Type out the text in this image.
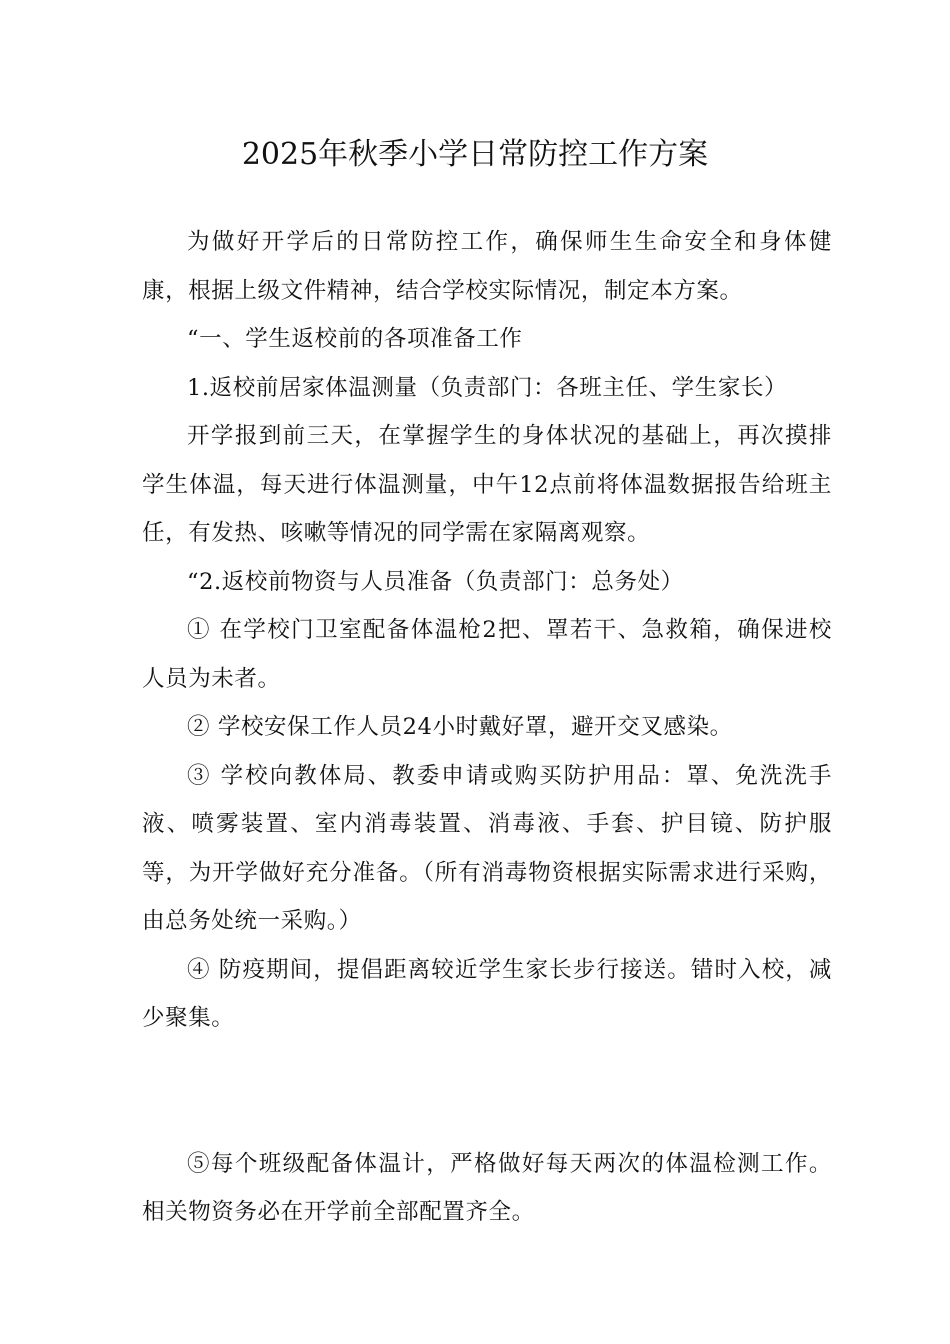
2025年秋季小学日常防控工作方案

为做好开学后的日常防控工作，确保师生生命安全和身体健康，根据上级文件精神，结合学校实际情况，制定本方案。

“一、学生返校前的各项准备工作

1.返校前居家体温测量（负责部门：各班主任、学生家长）

开学报到前三天，在掌握学生的身体状况的基础上，再次摸排学生体温，每天进行体温测量，中午12点前将体温数据报告给班主任，有发热、咳嗽等情况的同学需在家隔离观察。

“2.返校前物资与人员准备（负责部门：总务处）

① 在学校门卫室配备体温枪2把、罩若干、急救箱，确保进校人员为未者。

② 学校安保工作人员24小时戴好罩，避开交叉感染。

③ 学校向教体局、教委申请或购买防护用品：罩、免洗洗手液、喷雾装置、室内消毒装置、消毒液、手套、护目镜、防护服等，为开学做好充分准备。（所有消毒物资根据实际需求进行采购，由总务处统一采购。）

④ 防疫期间，提倡距离较近学生家长步行接送。错时入校，减少聚集。

⑤每个班级配备体温计，严格做好每天两次的体温检测工作。相关物资务必在开学前全部配置齐全。
